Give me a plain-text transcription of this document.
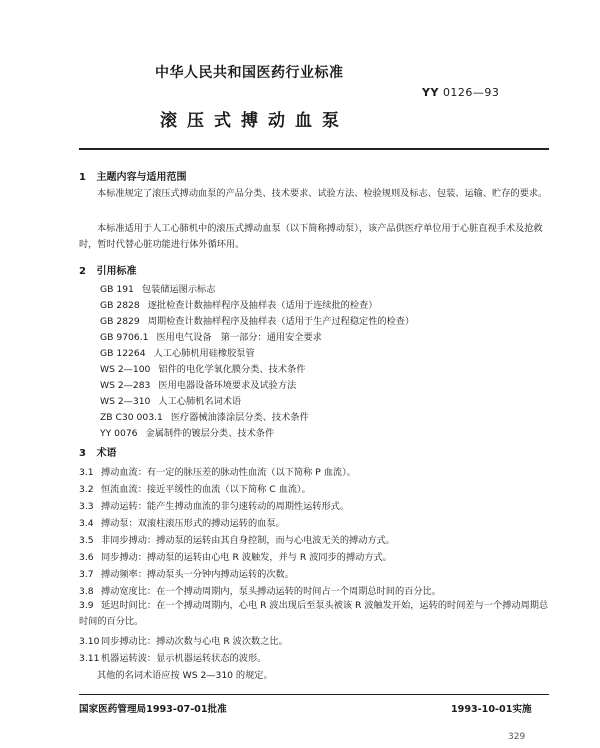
中华人民共和国医药行业标准
YY 0126—93
滚压式搏动血泵
1 主题内容与适用范围
本标准规定了滚压式搏动血泵的产品分类、技术要求、试验方法、检验规则及标志、包装、运输、贮存的要求。
本标准适用于人工心肺机中的滚压式搏动血泵（以下简称搏动泵），该产品供医疗单位用于心脏直视手术及抢救时，暂时代替心脏功能进行体外循环用。
2 引用标准
GB 191 包装储运图示标志
GB 2828 逐批检查计数抽样程序及抽样表（适用于连续批的检查）
GB 2829 周期检查计数抽样程序及抽样表（适用于生产过程稳定性的检查）
GB 9706.1 医用电气设备　第一部分：通用安全要求
GB 12264 人工心肺机用硅橡胶泵管
WS 2—100 铝件的电化学氧化膜分类、技术条件
WS 2—283 医用电器设备环境要求及试验方法
WS 2—310 人工心肺机名词术语
ZB C30 003.1 医疗器械油漆涂层分类、技术条件
YY 0076 金属制件的镀层分类、技术条件
3 术语
3.1 搏动血流：有一定的脉压差的脉动性血流（以下简称 P 血流）。
3.2 恒流血流：接近平缓性的血流（以下简称 C 血流）。
3.3 搏动运转：能产生搏动血流的非匀速转动的周期性运转形式。
3.4 搏动泵：双滚柱滚压形式的搏动运转的血泵。
3.5 非同步搏动：搏动泵的运转由其自身控制，而与心电波无关的搏动方式。
3.6 同步搏动：搏动泵的运转由心电 R 波触发，并与 R 波同步的搏动方式。
3.7 搏动频率：搏动泵头一分钟内搏动运转的次数。
3.8 搏动宽度比：在一个搏动周期内，泵头搏动运转的时间占一个周期总时间的百分比。
3.9 延迟时间比：在一个搏动周期内，心电 R 波出现后至泵头被该 R 波触发开始，运转的时间差与一个搏动周期总时间的百分比。
3.10 同步搏动比：搏动次数与心电 R 波次数之比。
3.11 机器运转波：显示机器运转状态的波形。
其他的名词术语应按 WS 2—310 的规定。
国家医药管理局1993-07-01批准	1993-10-01实施
329
